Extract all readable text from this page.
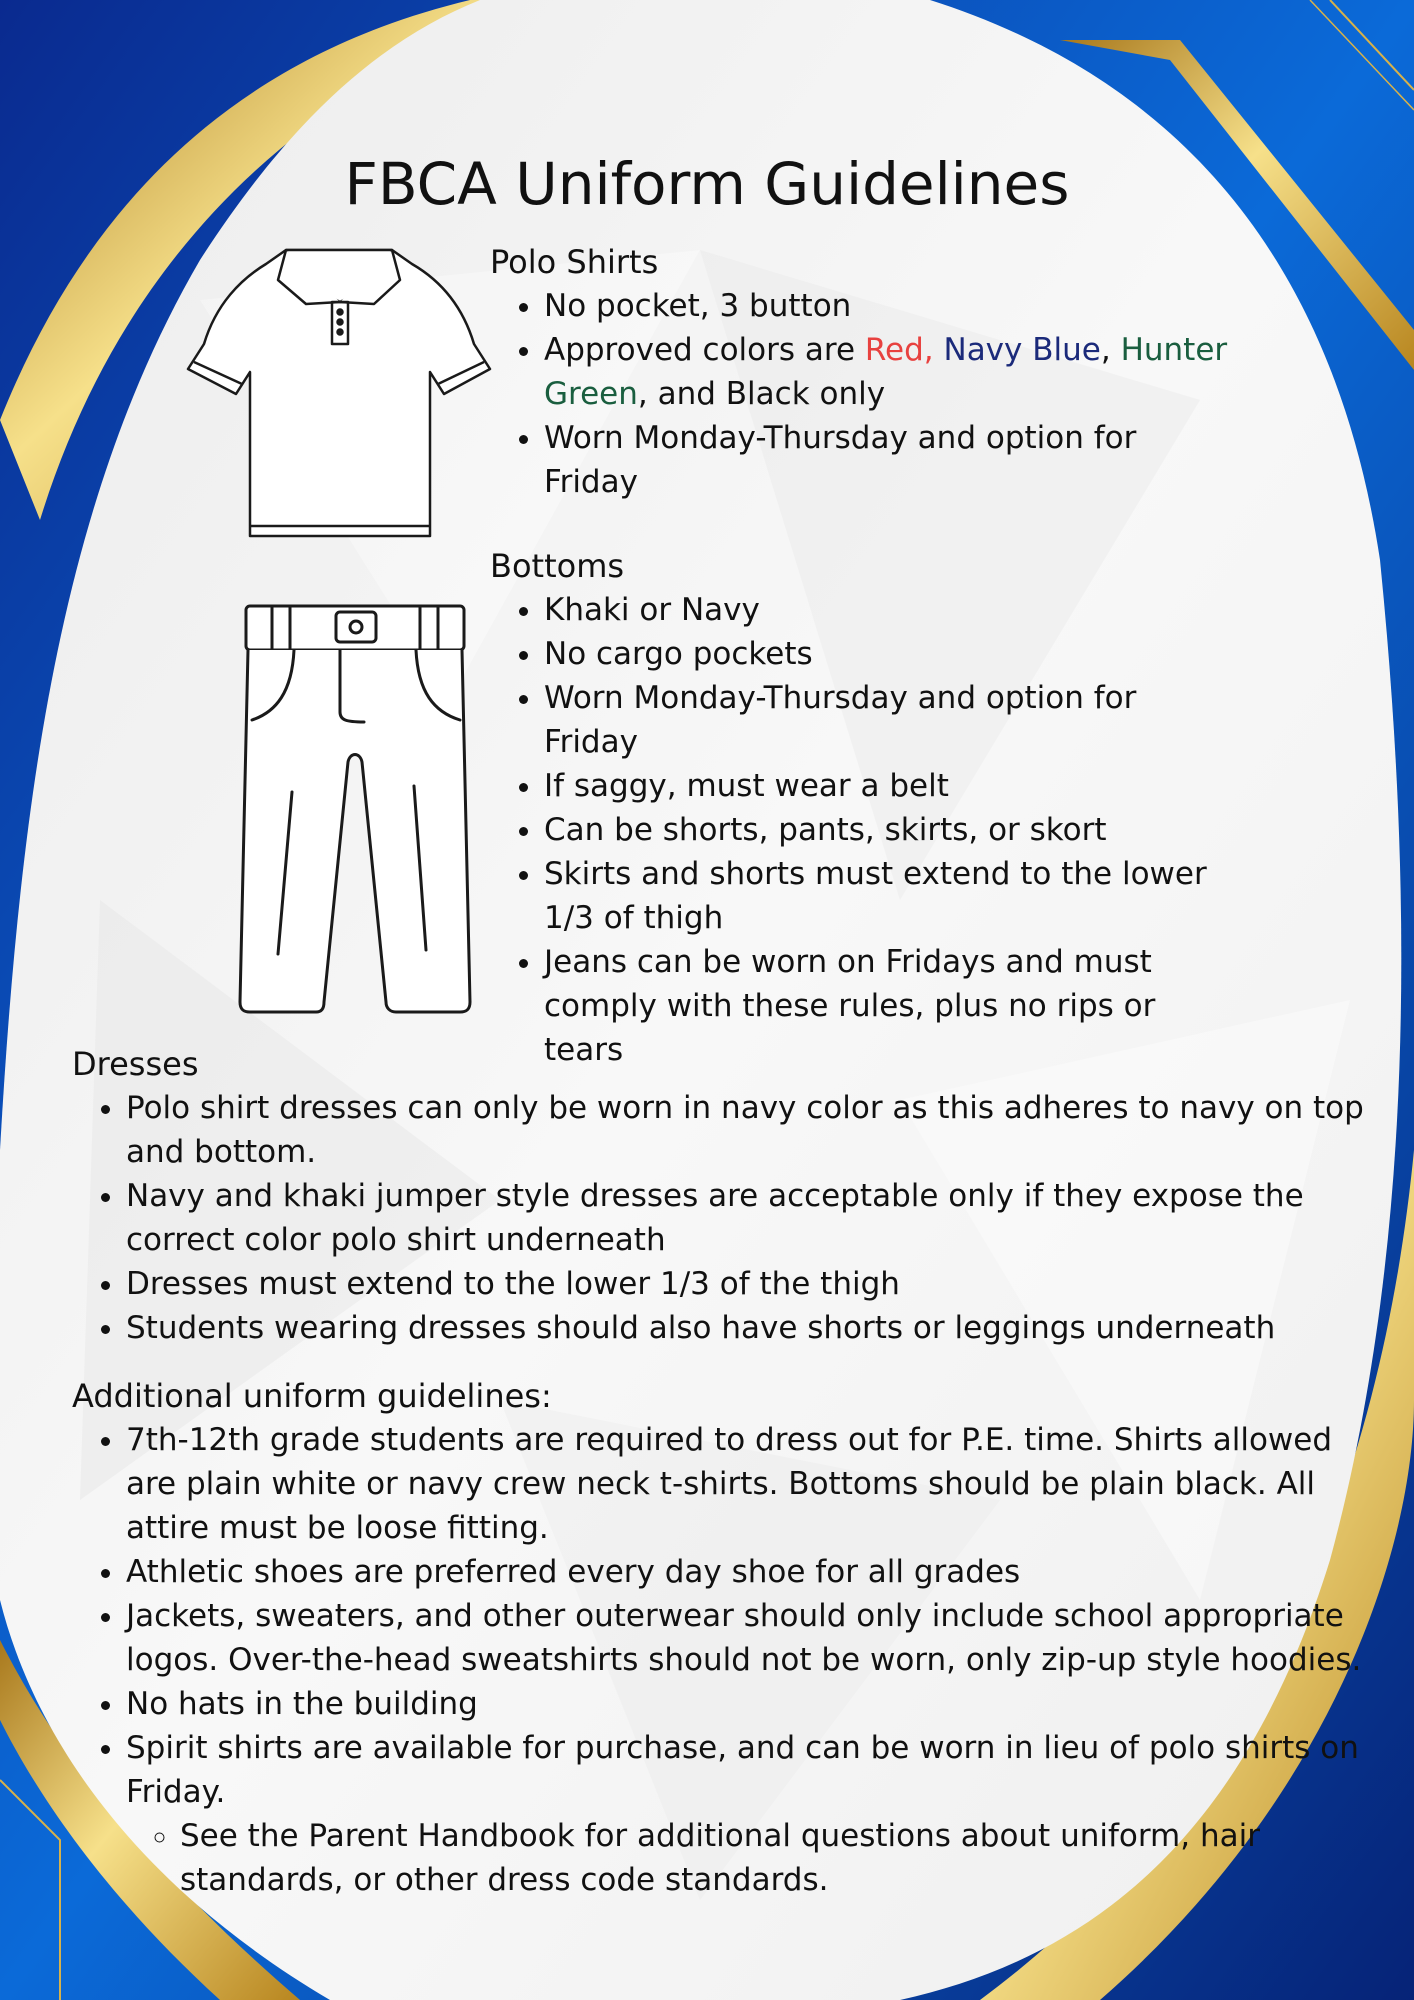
FBCA Uniform Guidelines

Polo Shirts

• No pocket, 3 button
• Approved colors are Red, Navy Blue, Hunter Green, and Black only
• Worn Monday-Thursday and option for Friday

Bottoms

• Khaki or Navy
• No cargo pockets
• Worn Monday-Thursday and option for Friday
• If saggy, must wear a belt
• Can be shorts, pants, skirts, or skort
• Skirts and shorts must extend to the lower 1/3 of thigh
• Jeans can be worn on Fridays and must comply with these rules, plus no rips or tears

Dresses

• Polo shirt dresses can only be worn in navy color as this adheres to navy on top and bottom.
• Navy and khaki jumper style dresses are acceptable only if they expose the correct color polo shirt underneath
• Dresses must extend to the lower 1/3 of the thigh
• Students wearing dresses should also have shorts or leggings underneath

Additional uniform guidelines:

• 7th-12th grade students are required to dress out for P.E. time. Shirts allowed are plain white or navy crew neck t-shirts. Bottoms should be plain black. All attire must be loose fitting.
• Athletic shoes are preferred every day shoe for all grades
• Jackets, sweaters, and other outerwear should only include school appropriate logos. Over-the-head sweatshirts should not be worn, only zip-up style hoodies.
• No hats in the building
• Spirit shirts are available for purchase, and can be worn in lieu of polo shirts on Friday.
◦ See the Parent Handbook for additional questions about uniform, hair standards, or other dress code standards.
